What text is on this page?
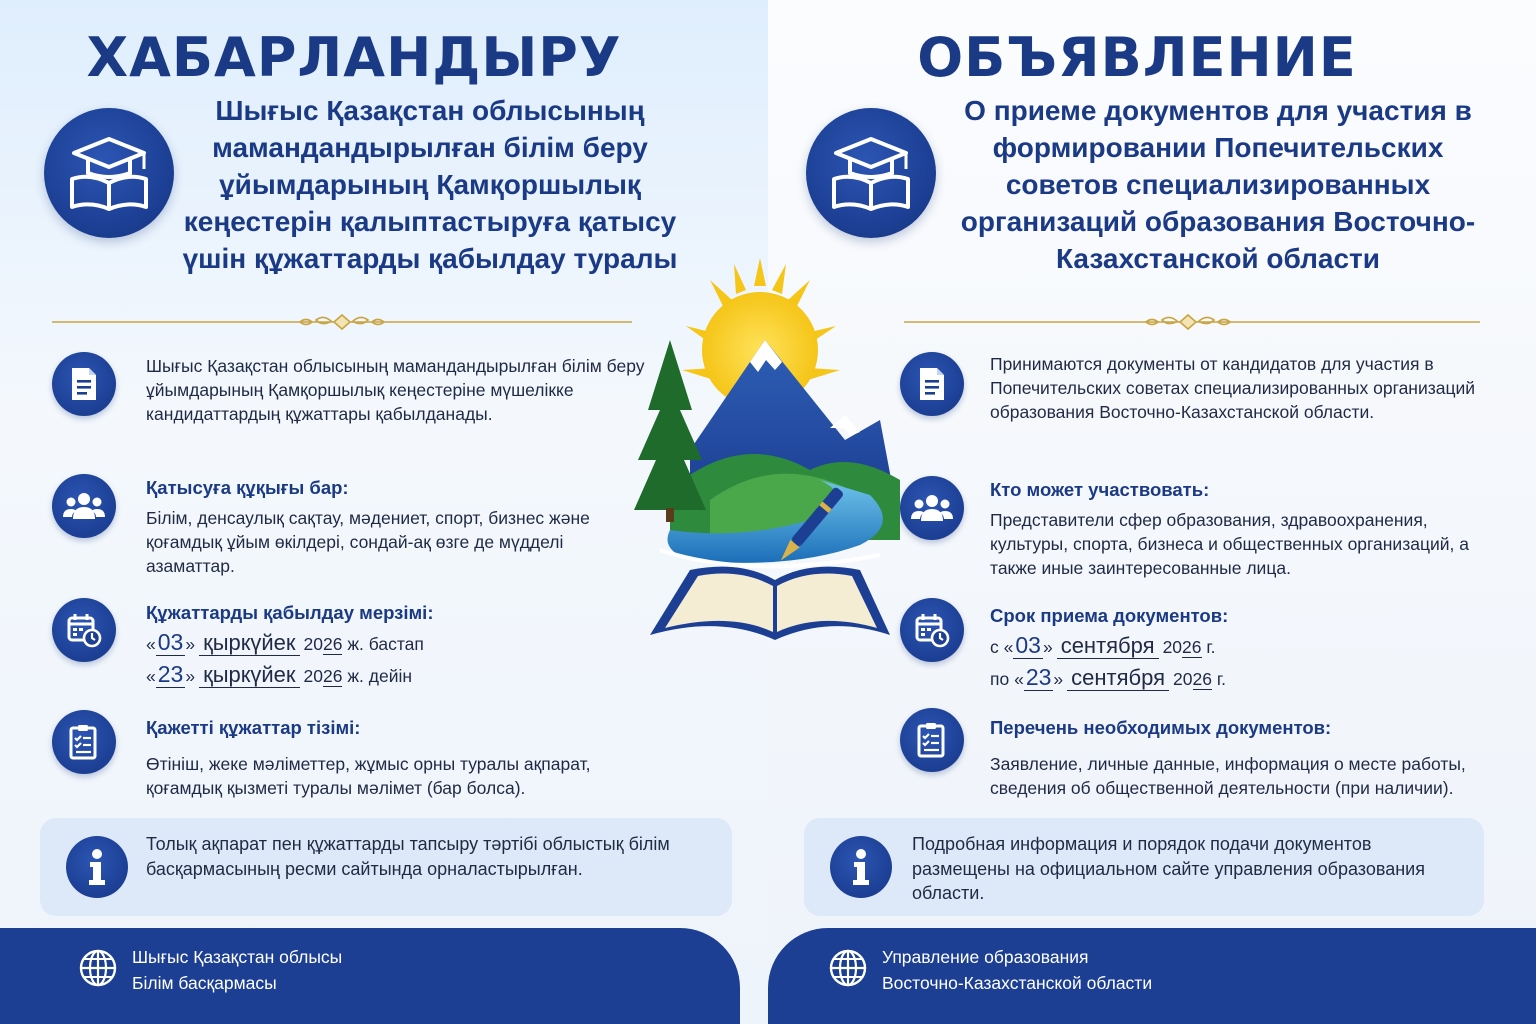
ХАБАРЛАНДЫРУ
Шығыс Қазақстан облысының мамандандырылған білім беру ұйымдарының Қамқоршылық кеңестерін қалыптастыруға қатысу үшін құжаттарды қабылдау туралы
Шығыс Қазақстан облысының мамандандырылған білім беру ұйымдарының Қамқоршылық кеңестеріне мүшелікке кандидаттардың құжаттары қабылданады.
Қатысуға құқығы бар:
Білім, денсаулық сақтау, мәдениет, спорт, бизнес және қоғамдық ұйым өкілдері, сондай-ақ өзге де мүдделі азаматтар.
Құжаттарды қабылдау мерзімі:
«03 » қыркүйек 2026 ж. бастап
«23 » қыркүйек 2026 ж. дейін
Қажетті құжаттар тізімі:
Өтініш, жеке мәліметтер, жұмыс орны туралы ақпарат, қоғамдық қызметі туралы мәлімет (бар болса).
Толық ақпарат пен құжаттарды тапсыру тәртібі облыстық білім басқармасының ресми сайтында орналастырылған.
Шығыс Қазақстан облысы
Білім басқармасы
ОБЪЯВЛЕНИЕ
О приеме документов для участия в формировании Попечительских советов специализированных организаций образования Восточно-Казахстанской области
Принимаются документы от кандидатов для участия в Попечительских советах специализированных организаций образования Восточно-Казахстанской области.
Кто может участвовать:
Представители сфер образования, здравоохранения, культуры, спорта, бизнеса и общественных организаций, а также иные заинтересованные лица.
Срок приема документов:
с «03 » сентября 2026 г.
по «23 » сентября 2026 г.
Перечень необходимых документов:
Заявление, личные данные, информация о месте работы, сведения об общественной деятельности (при наличии).
Подробная информация и порядок подачи документов размещены на официальном сайте управления образования области.
Управление образования
Восточно-Казахстанской области
